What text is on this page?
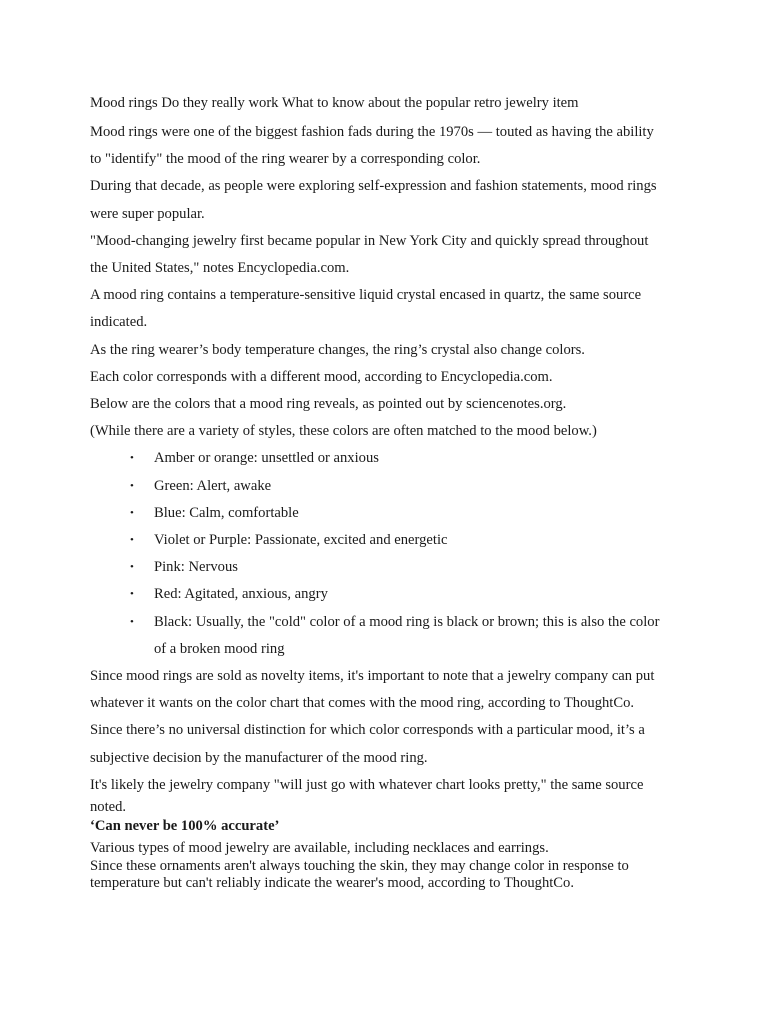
Mood rings Do they really work What to know about the popular retro jewelry item

Mood rings were one of the biggest fashion fads during the 1970s — touted as having the ability

to "identify" the mood of the ring wearer by a corresponding color.

During that decade, as people were exploring self-expression and fashion statements, mood rings

were super popular.

"Mood-changing jewelry first became popular in New York City and quickly spread throughout

the United States," notes Encyclopedia.com.

A mood ring contains a temperature-sensitive liquid crystal encased in quartz, the same source

indicated.

As the ring wearer’s body temperature changes, the ring’s crystal also change colors.

Each color corresponds with a different mood, according to Encyclopedia.com.

Below are the colors that a mood ring reveals, as pointed out by sciencenotes.org.

(While there are a variety of styles, these colors are often matched to the mood below.)

• Amber or orange: unsettled or anxious
• Green: Alert, awake
• Blue: Calm, comfortable
• Violet or Purple: Passionate, excited and energetic
• Pink: Nervous
• Red: Agitated, anxious, angry
• Black: Usually, the "cold" color of a mood ring is black or brown; this is also the color
of a broken mood ring

Since mood rings are sold as novelty items, it's important to note that a jewelry company can put

whatever it wants on the color chart that comes with the mood ring, according to ThoughtCo.

Since there’s no universal distinction for which color corresponds with a particular mood, it’s a

subjective decision by the manufacturer of the mood ring.

It's likely the jewelry company "will just go with whatever chart looks pretty," the same source

noted.

‘Can never be 100% accurate’

Various types of mood jewelry are available, including necklaces and earrings.

Since these ornaments aren't always touching the skin, they may change color in response to

temperature but can't reliably indicate the wearer's mood, according to ThoughtCo.
